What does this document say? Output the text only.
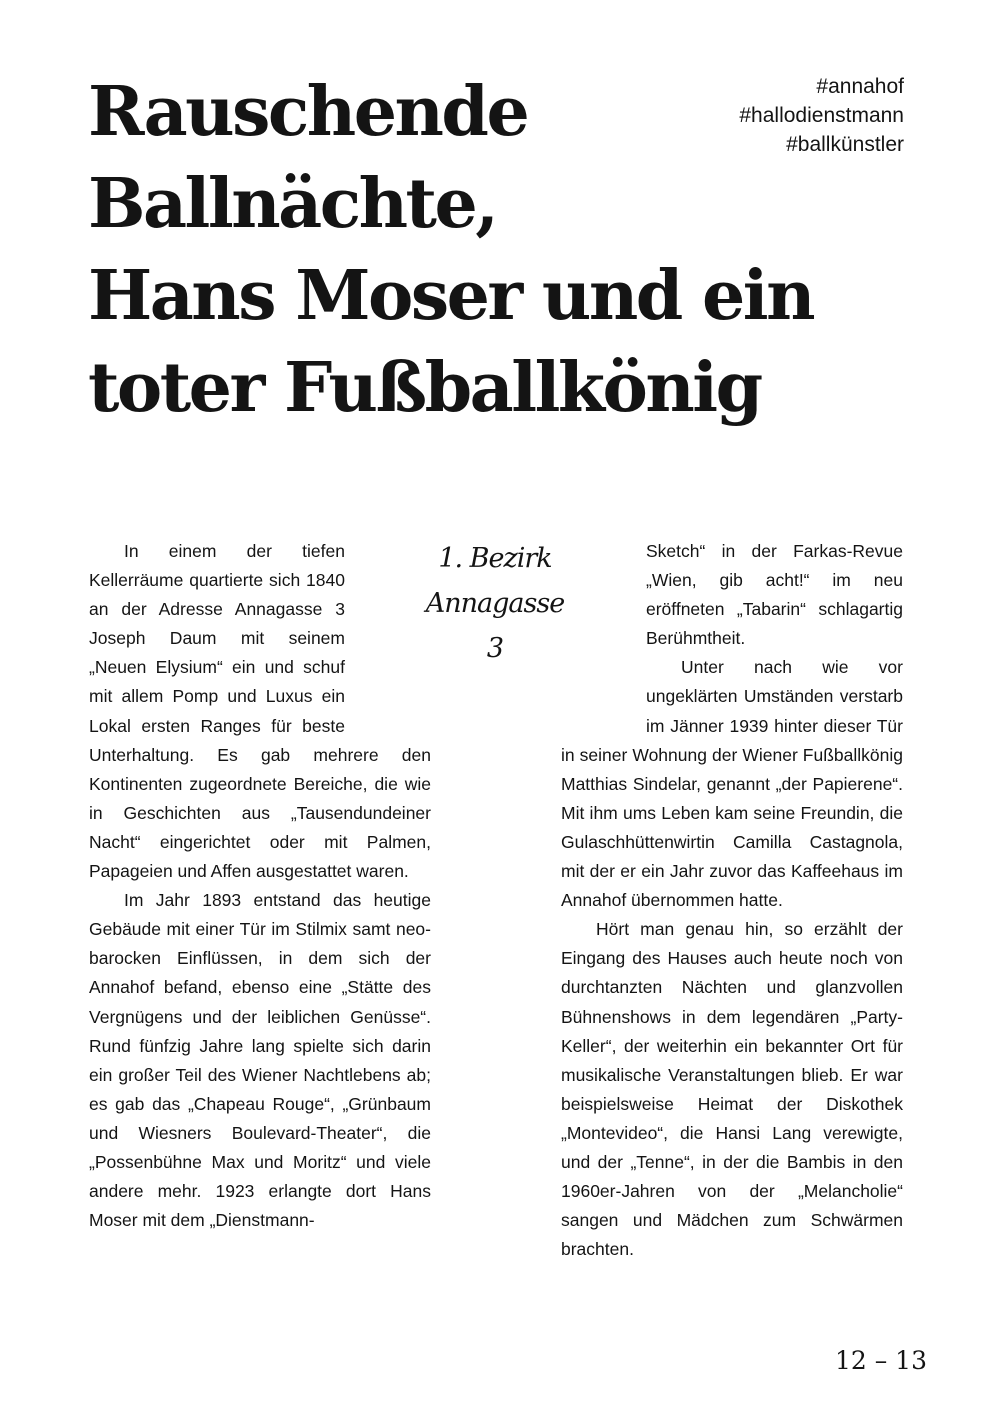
Rauschende
Ballnächte,
Hans Moser und ein
toter Fußballkönig
#annahof
#hallodienstmann
#ballkünstler

In einem der tiefen Kellerräume quartierte sich 1840 an der Adresse Annagasse 3 Joseph Daum mit seinem „Neuen Elysium“ ein und schuf mit allem Pomp und Luxus ein Lokal ersten Ranges für beste Unterhaltung. Es gab mehrere den Kontinenten zugeordnete Bereiche, die wie in Geschichten aus „Tausendundeiner Nacht“ eingerichtet oder mit Palmen, Papageien und Affen ausgestattet waren.

Im Jahr 1893 entstand das heutige Gebäude mit einer Tür im Stilmix samt neo-barocken Einflüssen, in dem sich der Annahof befand, ebenso eine „Stätte des Vergnügens und der leiblichen Genüsse“. Rund fünfzig Jahre lang spielte sich darin ein großer Teil des Wiener Nachtlebens ab; es gab das „Chapeau Rouge“, „Grünbaum und Wiesners Boulevard-Theater“, die „Possenbühne Max und Moritz“ und viele andere mehr. 1923 erlangte dort Hans Moser mit dem „Dienstmann-

1. Bezirk
Annagasse
3

Sketch“ in der Farkas-Revue „Wien, gib acht!“ im neu eröffneten „Tabarin“ schlagartig Berühmtheit.

Unter nach wie vor ungeklärten Umständen verstarb im Jänner 1939 hinter dieser Tür in seiner Wohnung der Wiener Fußballkönig Matthias Sindelar, genannt „der Papierene“. Mit ihm ums Leben kam seine Freundin, die Gulaschhüttenwirtin Camilla Castagnola, mit der er ein Jahr zuvor das Kaffeehaus im Annahof übernommen hatte.

Hört man genau hin, so erzählt der Eingang des Hauses auch heute noch von durchtanzten Nächten und glanzvollen Bühnenshows in dem legendären „Party-Keller“, der weiterhin ein bekannter Ort für musikalische Veranstaltungen blieb. Er war beispielsweise Heimat der Diskothek „Montevideo“, die Hansi Lang verewigte, und der „Tenne“, in der die Bambis in den 1960er-Jahren von der „Melancholie“ sangen und Mädchen zum Schwärmen brachten.

12 – 13
